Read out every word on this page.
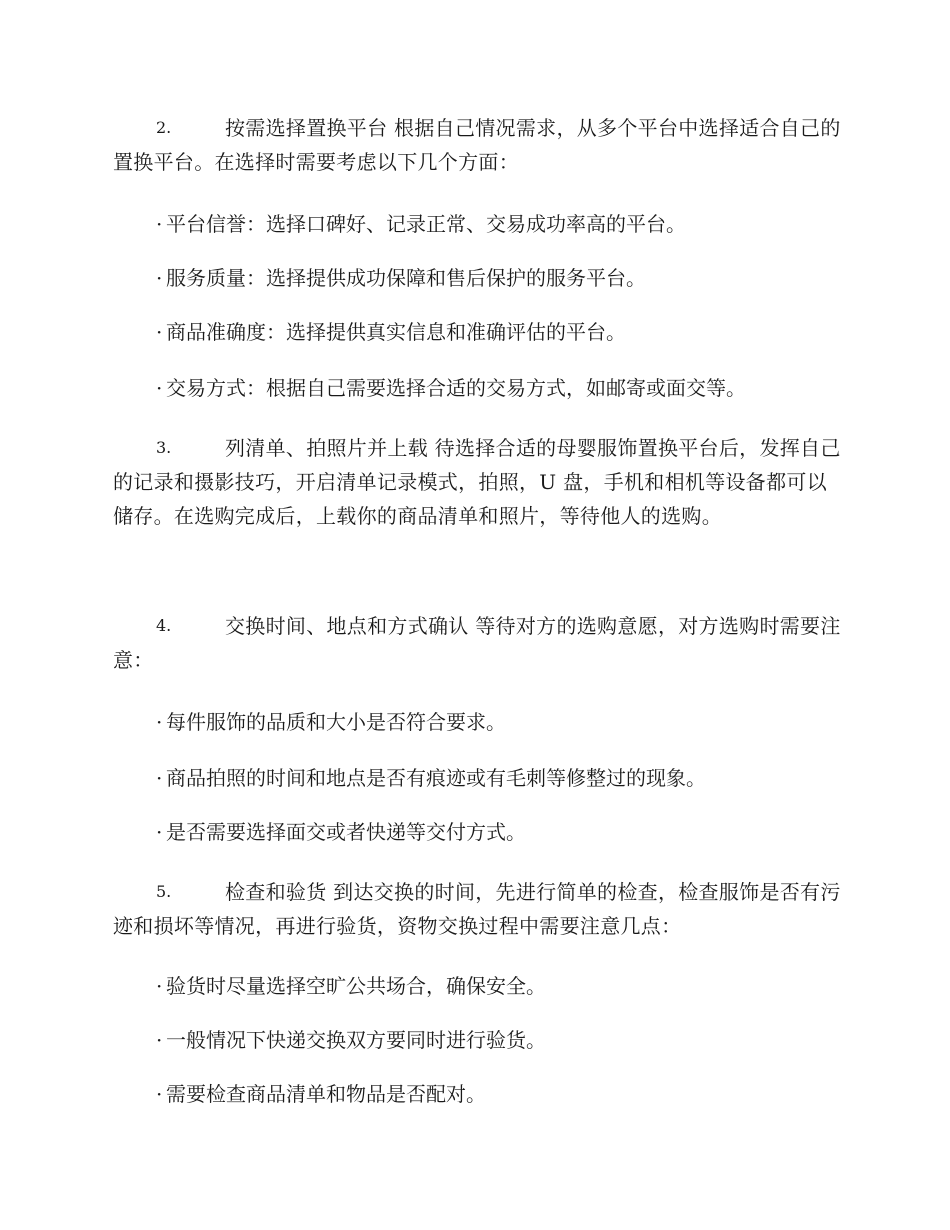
2.	按需选择置换平台 根据自己情况需求，从多个平台中选择适合自己的置换平台。在选择时需要考虑以下几个方面：

· 平台信誉：选择口碑好、记录正常、交易成功率高的平台。

· 服务质量：选择提供成功保障和售后保护的服务平台。

· 商品准确度：选择提供真实信息和准确评估的平台。

· 交易方式：根据自己需要选择合适的交易方式，如邮寄或面交等。

3.	列清单、拍照片并上载 待选择合适的母婴服饰置换平台后，发挥自己的记录和摄影技巧，开启清单记录模式，拍照，U 盘，手机和相机等设备都可以储存。在选购完成后，上载你的商品清单和照片，等待他人的选购。

4.	交换时间、地点和方式确认 等待对方的选购意愿，对方选购时需要注意：

· 每件服饰的品质和大小是否符合要求。

· 商品拍照的时间和地点是否有痕迹或有毛刺等修整过的现象。

· 是否需要选择面交或者快递等交付方式。

5.	检查和验货 到达交换的时间，先进行简单的检查，检查服饰是否有污迹和损坏等情况，再进行验货，资物交换过程中需要注意几点：

· 验货时尽量选择空旷公共场合，确保安全。

· 一般情况下快递交换双方要同时进行验货。

· 需要检查商品清单和物品是否配对。
